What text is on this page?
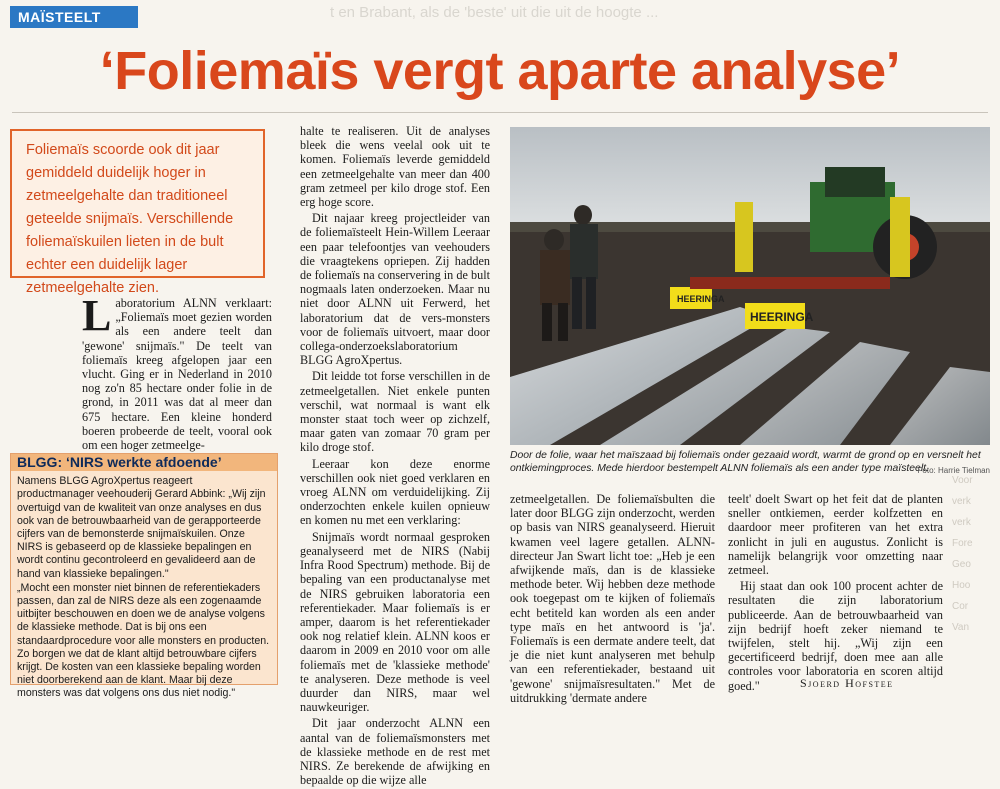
MAÏSTEELT	t en Brabant, als de 'beste' uit die uit de hoogte ...
‘Foliemaïs vergt aparte analyse’
Foliemaïs scoorde ook dit jaar gemiddeld duidelijk hoger in zetmeelgehalte dan traditioneel geteelde snijmaïs. Verschillende foliemaïskuilen lieten in de bult echter een duidelijk lager zetmeelgehalte zien.

Laboratorium ALNN verklaart: „Foliemaïs moet gezien worden als een andere teelt dan 'gewone' snijmaïs." De teelt van foliemaïs kreeg afgelopen jaar een vlucht. Ging er in Nederland in 2010 nog zo'n 85 hectare onder folie in de grond, in 2011 was dat al meer dan 675 hectare. Een kleine honderd boeren probeerde de teelt, vooral ook om een hoger zetmeelge-

BLGG: ‘NIRS werkte afdoende’

Namens BLGG AgroXpertus reageert productmanager veehouderij Gerard Abbink: „Wij zijn overtuigd van de kwaliteit van onze analyses en dus ook van de betrouwbaarheid van de gerapporteerde cijfers van de bemonsterde snijmaïskuilen. Onze NIRS is gebaseerd op de klassieke bepalingen en wordt continu gecontroleerd en gevalideerd aan de hand van klassieke bepalingen."

„Mocht een monster niet binnen de referentiekaders passen, dan zal de NIRS deze als een zogenaamde uitbijter beschouwen en doen we de analyse volgens de klassieke methode. Dat is bij ons een standaardprocedure voor alle monsters en producten. Zo borgen we dat de klant altijd betrouwbare cijfers krijgt. De kosten van een klassieke bepaling worden niet doorberekend aan de klant. Maar bij deze monsters was dat volgens ons dus niet nodig."

halte te realiseren. Uit de analyses bleek die wens veelal ook uit te komen. Foliemaïs leverde gemiddeld een zetmeelgehalte van meer dan 400 gram zetmeel per kilo droge stof. Een erg hoge score.

Dit najaar kreeg projectleider van de foliemaïsteelt Hein-Willem Leeraar een paar telefoontjes van veehouders die vraagtekens opriepen. Zij hadden de foliemaïs na conservering in de bult nogmaals laten onderzoeken. Maar nu niet door ALNN uit Ferwerd, het laboratorium dat de vers-monsters voor de foliemaïs uitvoert, maar door collega-onderzoekslaboratorium BLGG AgroXpertus.

Dit leidde tot forse verschillen in de zetmeelgetallen. Niet enkele punten verschil, wat normaal is want elk monster staat toch weer op zichzelf, maar gaten van zomaar 70 gram per kilo droge stof.

Leeraar kon deze enorme verschillen ook niet goed verklaren en vroeg ALNN om verduidelijking. Zij onderzochten enkele kuilen opnieuw en komen nu met een verklaring:

Snijmaïs wordt normaal gesproken geanalyseerd met de NIRS (Nabij Infra Rood Spectrum) methode. Bij de bepaling van een productanalyse met de NIRS gebruiken laboratoria een referentiekader. Maar foliemaïs is er amper, daarom is het referentiekader ook nog relatief klein. ALNN koos er daarom in 2009 en 2010 voor om alle foliemaïs met de 'klassieke methode' te analyseren. Deze methode is veel duurder dan NIRS, maar wel nauwkeuriger.

Dit jaar onderzocht ALNN een aantal van de foliemaïsmonsters met de klassieke methode en de rest met NIRS. Ze berekende de afwijking en bepaalde op die wijze alle

HEERINGA
HEERINGA
Door de folie, waar het maïszaad bij foliemaïs onder gezaaid wordt, warmt de grond op en versnelt het ontkiemingproces. Mede hierdoor bestempelt ALNN foliemaïs als een ander type maïsteelt.
Foto: Harrie Tielman

zetmeelgetallen. De foliemaïsbulten die later door BLGG zijn onderzocht, werden op basis van NIRS geanalyseerd. Hieruit kwamen veel lagere getallen. ALNN-directeur Jan Swart licht toe: „Heb je een afwijkende maïs, dan is de klassieke methode beter. Wij hebben deze methode ook toegepast om te kijken of foliemaïs echt betiteld kan worden als een ander type maïs en het antwoord is 'ja'. Foliemaïs is een dermate andere teelt, dat je die niet kunt analyseren met behulp van een referentiekader, bestaand uit 'gewone' snijmaïsresultaten." Met de uitdrukking 'dermate andere

teelt' doelt Swart op het feit dat de planten sneller ontkiemen, eerder kolfzetten en daardoor meer profiteren van het extra zonlicht in juli en augustus. Zonlicht is namelijk belangrijk voor omzetting naar zetmeel.

Hij staat dan ook 100 procent achter de resultaten die zijn laboratorium publiceerde. Aan de betrouwbaarheid van zijn bedrijf hoeft zeker niemand te twijfelen, stelt hij. „Wij zijn een gecertificeerd bedrijf, doen mee aan alle controles voor laboratoria en scoren altijd goed."	Sjoerd Hofstee
Voor
verk
verk
Fore
Geo
Hoo
Cor
Van
